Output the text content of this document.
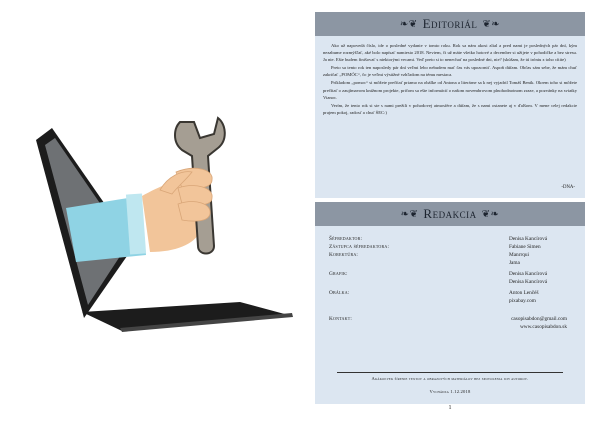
❧❦ Editoriál ❦❧

Ako už napovedá číslo, ide o posledné vydanie v tomto roku. Rok sa nám akosi zlial a pred nami je posledných pár dní, kým nezabume rozmýšľať, aké bolo napísať namiesto 2018. Neviem, či už máte všetko hotové a december si užijete v pohodičke a bez stresu. Ja nie. Ešte budem finišovať s niektorými vecami. Veď preto si to nenechať na posledné dni, nie? (skúšam, že tú iróniu z toho cítite)

Preto sa tento rok ten naposledy pár dní veľmi lebo nebudem mať čas vás upozorniť. Aspoň dúfam. Občas sám sebe, že mám chuť zakričať „POMÓC“, čo je veľmi výstižné vzhľadom na tému mesiaca.

Príkladom „pomoc“ si môžete prečítať priamo na obálke od Antona a literárne sa k nej vyjadril Tomáš Benik. Okrem toho si môžete prečítať o zaujímavom knižnom projekte, pričom sa ešte informácií o našom novembrovom plnohodnotnom zraze, a pozvánky na sviatky Vianoc.

Verím, že tento rok si ste s nami prežili v pohodovej atmosfére a dúfam, že s nami ostanete aj v ďalšom. V mene celej redakcie prajem pokoj, radosť a chuť ŠEC:)

-DNA-
❧❦ Redakcia ❦❧
Šéfredaktor:	Denisa Kancírová
Zástupca šéfredaktora:	Fabiane Simen
Korektúra:	Manrrqui
Jama
Grafik:	Denisa Kancírová
Denisa Kancírová
Obálka:	Anton Lenčéš
pixabay.com
Kontakt:	casopisabdon@gmail.com
www.casopisabdon.sk
Akákoľvek šírenie textov a obrazových materiálov bez spovolenia ich autorov.
Vychádza 1.12.2018
1
